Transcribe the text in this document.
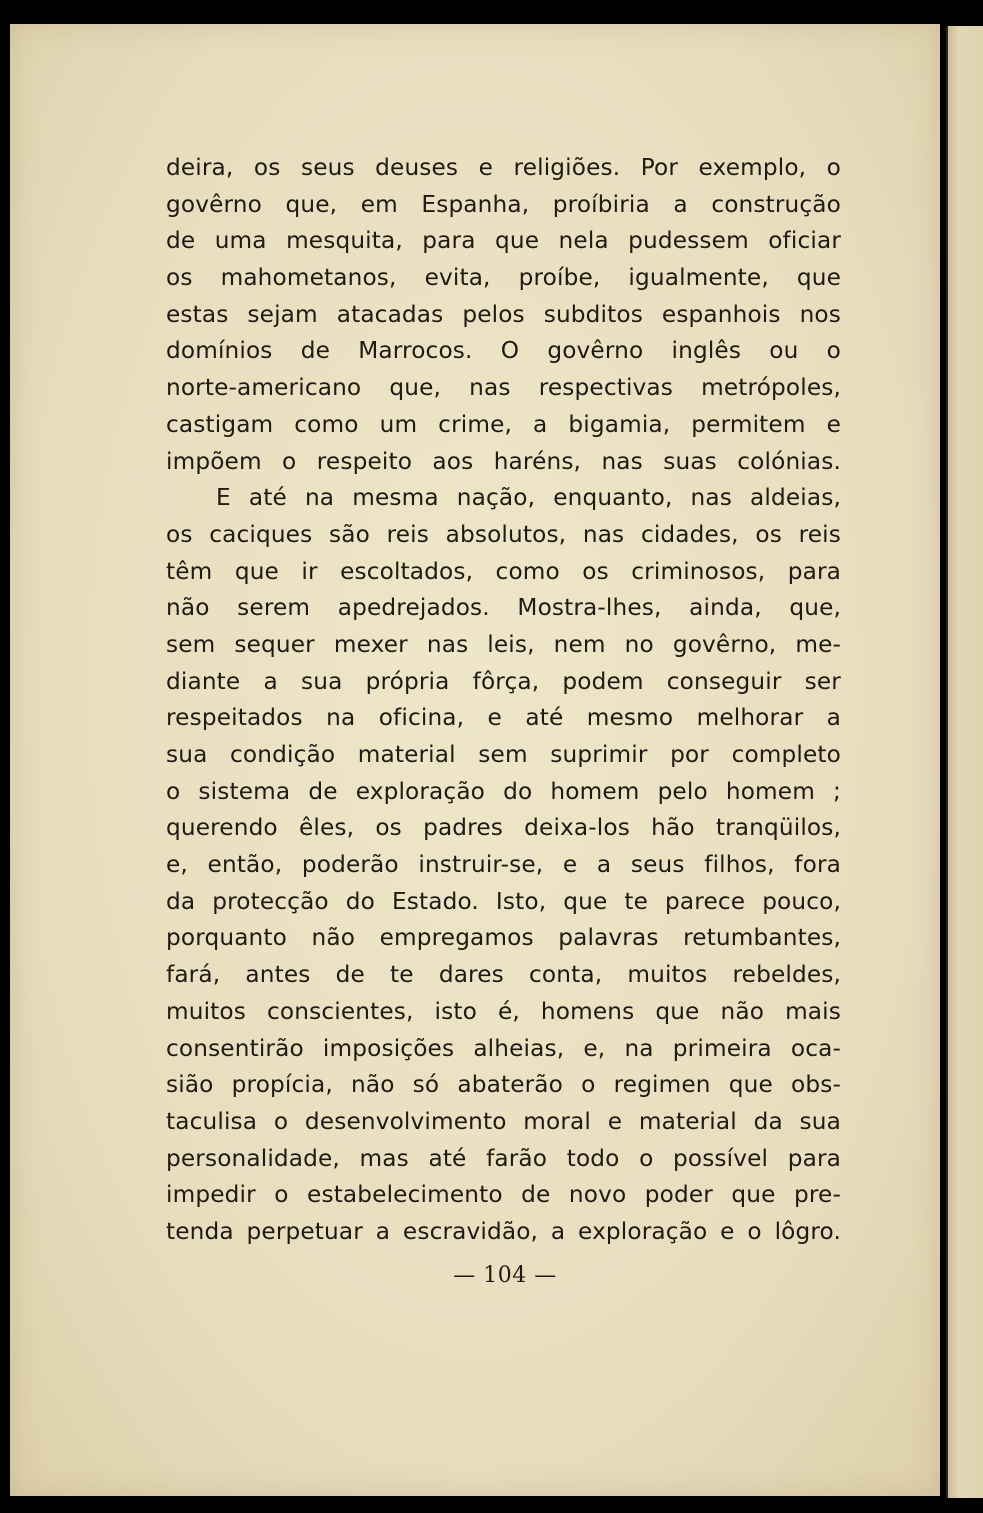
deira, os seus deuses e religiões. Por exemplo, o
govêrno que, em Espanha, proíbiria a construção
de uma mesquita, para que nela pudessem oficiar
os mahometanos, evita, proíbe, igualmente, que
estas sejam atacadas pelos subditos espanhois nos
domínios de Marrocos. O govêrno inglês ou o
norte-americano que, nas respectivas metrópoles,
castigam como um crime, a bigamia, permitem e
impõem o respeito aos haréns, nas suas colónias.
E até na mesma nação, enquanto, nas aldeias,
os caciques são reis absolutos, nas cidades, os reis
têm que ir escoltados, como os criminosos, para
não serem apedrejados. Mostra-lhes, ainda, que,
sem sequer mexer nas leis, nem no govêrno, me-
diante a sua própria fôrça, podem conseguir ser
respeitados na oficina, e até mesmo melhorar a
sua condição material sem suprimir por completo
o sistema de exploração do homem pelo homem ;
querendo êles, os padres deixa-los hão tranqüilos,
e, então, poderão instruir-se, e a seus filhos, fora
da protecção do Estado. Isto, que te parece pouco,
porquanto não empregamos palavras retumbantes,
fará, antes de te dares conta, muitos rebeldes,
muitos conscientes, isto é, homens que não mais
consentirão imposições alheias, e, na primeira oca-
sião propícia, não só abaterão o regimen que obs-
taculisa o desenvolvimento moral e material da sua
personalidade, mas até farão todo o possível para
impedir o estabelecimento de novo poder que pre-
tenda perpetuar a escravidão, a exploração e o lôgro.
— 104 —
